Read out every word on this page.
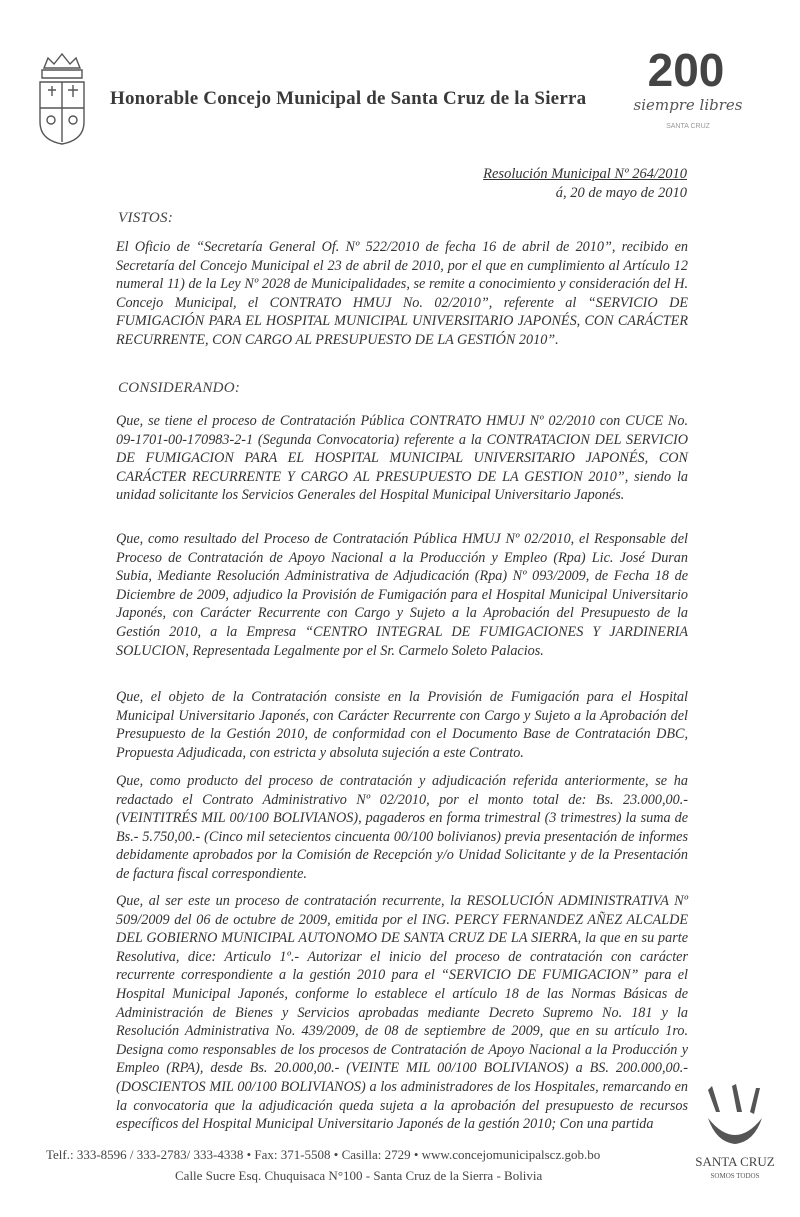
Honorable Concejo Municipal de Santa Cruz de la Sierra
200
siempre libres
SANTA CRUZ
Resolución Municipal Nº 264/2010
á, 20 de mayo de 2010
VISTOS:
El Oficio de “Secretaría General Of. Nº 522/2010 de fecha 16 de abril de 2010”, recibido en Secretaría del Concejo Municipal el 23 de abril de 2010, por el que en cumplimiento al Artículo 12 numeral 11) de la Ley Nº 2028 de Municipalidades, se remite a conocimiento y consideración del H. Concejo Municipal, el CONTRATO HMUJ No. 02/2010”, referente al “SERVICIO DE FUMIGACIÓN PARA EL HOSPITAL MUNICIPAL UNIVERSITARIO JAPONÉS, CON CARÁCTER RECURRENTE, CON CARGO AL PRESUPUESTO DE LA GESTIÓN 2010”.
CONSIDERANDO:
Que, se tiene el proceso de Contratación Pública CONTRATO HMUJ Nº 02/2010 con CUCE No. 09-1701-00-170983-2-1 (Segunda Convocatoria) referente a la CONTRATACION DEL SERVICIO DE FUMIGACION PARA EL HOSPITAL MUNICIPAL UNIVERSITARIO JAPONÉS, CON CARÁCTER RECURRENTE Y CARGO AL PRESUPUESTO DE LA GESTION 2010”, siendo la unidad solicitante los Servicios Generales del Hospital Municipal Universitario Japonés.
Que, como resultado del Proceso de Contratación Pública HMUJ Nº 02/2010, el Responsable del Proceso de Contratación de Apoyo Nacional a la Producción y Empleo (Rpa) Lic. José Duran Subia, Mediante Resolución Administrativa de Adjudicación (Rpa) Nº 093/2009, de Fecha 18 de Diciembre de 2009, adjudico la Provisión de Fumigación para el Hospital Municipal Universitario Japonés, con Carácter Recurrente con Cargo y Sujeto a la Aprobación del Presupuesto de la Gestión 2010, a la Empresa “CENTRO INTEGRAL DE FUMIGACIONES Y JARDINERIA SOLUCION, Representada Legalmente por el Sr. Carmelo Soleto Palacios.
Que, el objeto de la Contratación consiste en la Provisión de Fumigación para el Hospital Municipal Universitario Japonés, con Carácter Recurrente con Cargo y Sujeto a la Aprobación del Presupuesto de la Gestión 2010, de conformidad con el Documento Base de Contratación DBC, Propuesta Adjudicada, con estricta y absoluta sujeción a este Contrato.
Que, como producto del proceso de contratación y adjudicación referida anteriormente, se ha redactado el Contrato Administrativo Nº 02/2010, por el monto total de: Bs. 23.000,00.- (VEINTITRÉS MIL 00/100 BOLIVIANOS), pagaderos en forma trimestral (3 trimestres) la suma de Bs.- 5.750,00.- (Cinco mil setecientos cincuenta 00/100 bolivianos) previa presentación de informes debidamente aprobados por la Comisión de Recepción y/o Unidad Solicitante y de la Presentación de factura fiscal correspondiente.
Que, al ser este un proceso de contratación recurrente, la RESOLUCIÓN ADMINISTRATIVA Nº 509/2009 del 06 de octubre de 2009, emitida por el ING. PERCY FERNANDEZ AÑEZ ALCALDE DEL GOBIERNO MUNICIPAL AUTONOMO DE SANTA CRUZ DE LA SIERRA, la que en su parte Resolutiva, dice: Articulo 1º.- Autorizar el inicio del proceso de contratación con carácter recurrente correspondiente a la gestión 2010 para el “SERVICIO DE FUMIGACION” para el Hospital Municipal Japonés, conforme lo establece el artículo 18 de las Normas Básicas de Administración de Bienes y Servicios aprobadas mediante Decreto Supremo No. 181 y la Resolución Administrativa No. 439/2009, de 08 de septiembre de 2009, que en su artículo 1ro. Designa como responsables de los procesos de Contratación de Apoyo Nacional a la Producción y Empleo (RPA), desde Bs. 20.000,00.- (VEINTE MIL 00/100 BOLIVIANOS) a BS. 200.000,00.- (DOSCIENTOS MIL 00/100 BOLIVIANOS) a los administradores de los Hospitales, remarcando en la convocatoria que la adjudicación queda sujeta a la aprobación del presupuesto de recursos específicos del Hospital Municipal Universitario Japonés de la gestión 2010; Con una partida
Telf.: 333-8596 / 333-2783/ 333-4338 • Fax: 371-5508 • Casilla: 2729 • www.concejomunicipalscz.gob.bo
Calle Sucre Esq. Chuquisaca N°100 - Santa Cruz de la Sierra - Bolivia
SANTA CRUZ
SOMOS TODOS
